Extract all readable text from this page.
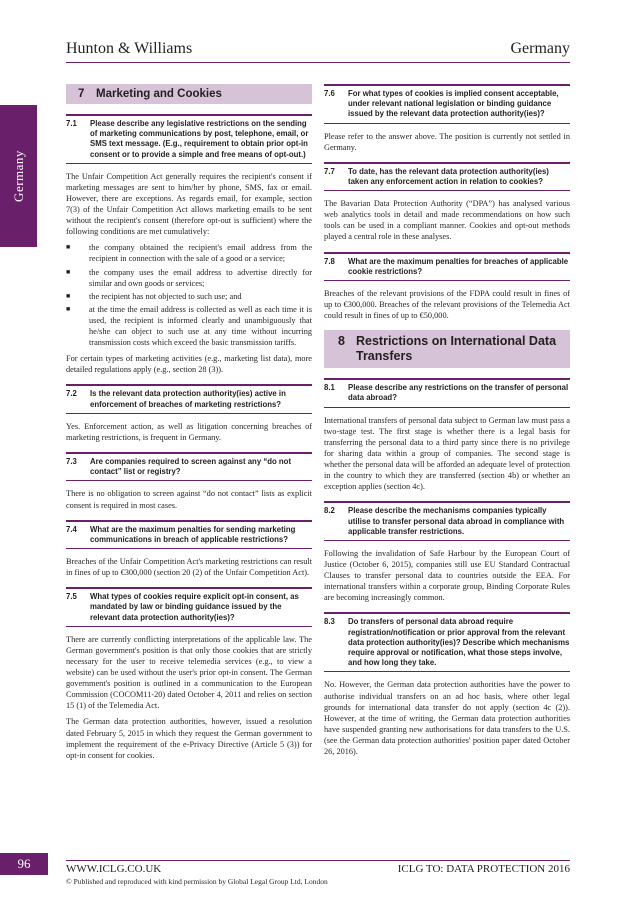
Hunton & Williams	Germany
Germany
7 Marketing and Cookies
7.1	Please describe any legislative restrictions on the sending of marketing communications by post, telephone, email, or SMS text message. (E.g., requirement to obtain prior opt-in consent or to provide a simple and free means of opt-out.)

The Unfair Competition Act generally requires the recipient's consent if marketing messages are sent to him/her by phone, SMS, fax or email. However, there are exceptions. As regards email, for example, section 7(3) of the Unfair Competition Act allows marketing emails to be sent without the recipient's consent (therefore opt-out is sufficient) where the following conditions are met cumulatively:

■	the company obtained the recipient's email address from the recipient in connection with the sale of a good or a service;
■	the company uses the email address to advertise directly for similar and own goods or services;
■	the recipient has not objected to such use; and
■	at the time the email address is collected as well as each time it is used, the recipient is informed clearly and unambiguously that he/she can object to such use at any time without incurring transmission costs which exceed the basic transmission tariffs.

For certain types of marketing activities (e.g., marketing list data), more detailed regulations apply (e.g., section 28 (3)).

7.2	Is the relevant data protection authority(ies) active in enforcement of breaches of marketing restrictions?

Yes. Enforcement action, as well as litigation concerning breaches of marketing restrictions, is frequent in Germany.

7.3	Are companies required to screen against any “do not contact” list or registry?

There is no obligation to screen against “do not contact” lists as explicit consent is required in most cases.

7.4	What are the maximum penalties for sending marketing communications in breach of applicable restrictions?

Breaches of the Unfair Competition Act's marketing restrictions can result in fines of up to €300,000 (section 20 (2) of the Unfair Competition Act).

7.5	What types of cookies require explicit opt-in consent, as mandated by law or binding guidance issued by the relevant data protection authority(ies)?

There are currently conflicting interpretations of the applicable law. The German government's position is that only those cookies that are strictly necessary for the user to receive telemedia services (e.g., to view a website) can be used without the user's prior opt-in consent. The German government's position is outlined in a communication to the European Commission (COCOM11-20) dated October 4, 2011 and relies on section 15 (1) of the Telemedia Act.

The German data protection authorities, however, issued a resolution dated February 5, 2015 in which they request the German government to implement the requirement of the e-Privacy Directive (Article 5 (3)) for opt-in consent for cookies.

7.6	For what types of cookies is implied consent acceptable, under relevant national legislation or binding guidance issued by the relevant data protection authority(ies)?

Please refer to the answer above. The position is currently not settled in Germany.

7.7	To date, has the relevant data protection authority(ies) taken any enforcement action in relation to cookies?

The Bavarian Data Protection Authority (“DPA”) has analysed various web analytics tools in detail and made recommendations on how such tools can be used in a compliant manner. Cookies and opt-out methods played a central role in these analyses.

7.8	What are the maximum penalties for breaches of applicable cookie restrictions?

Breaches of the relevant provisions of the FDPA could result in fines of up to €300,000. Breaches of the relevant provisions of the Telemedia Act could result in fines of up to €50,000.

8 Restrictions on International Data Transfers
8.1	Please describe any restrictions on the transfer of personal data abroad?

International transfers of personal data subject to German law must pass a two-stage test. The first stage is whether there is a legal basis for transferring the personal data to a third party since there is no privilege for sharing data within a group of companies. The second stage is whether the personal data will be afforded an adequate level of protection in the country to which they are transferred (section 4b) or whether an exception applies (section 4c).

8.2	Please describe the mechanisms companies typically utilise to transfer personal data abroad in compliance with applicable transfer restrictions.

Following the invalidation of Safe Harbour by the European Court of Justice (October 6, 2015), companies still use EU Standard Contractual Clauses to transfer personal data to countries outside the EEA. For international transfers within a corporate group, Binding Corporate Rules are becoming increasingly common.

8.3	Do transfers of personal data abroad require registration/notification or prior approval from the relevant data protection authority(ies)? Describe which mechanisms require approval or notification, what those steps involve, and how long they take.

No. However, the German data protection authorities have the power to authorise individual transfers on an ad hoc basis, where other legal grounds for international data transfer do not apply (section 4c (2)). However, at the time of writing, the German data protection authorities have suspended granting new authorisations for data transfers to the U.S. (see the German data protection authorities' position paper dated October 26, 2016).

96	WWW.ICLG.CO.UK	ICLG TO: DATA PROTECTION 2016
© Published and reproduced with kind permission by Global Legal Group Ltd, London
